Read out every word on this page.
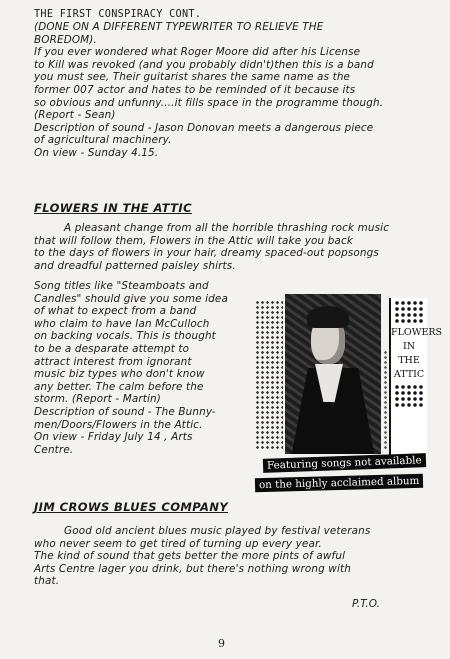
THE FIRST CONSPIRACY CONT.

(DONE ON A DIFFERENT TYPEWRITER TO RELIEVE THE
BOREDOM).
If you ever wondered what Roger Moore did after his License
to Kill was revoked (and you probably didn't)then this is a band
you must see, Their guitarist shares the same name as the
former 007 actor and hates to be reminded of it because its
so obvious and unfunny....it fills space in the programme though.
(Report - Sean)
Description of sound - Jason Donovan meets a dangerous piece
of agricultural machinery.
On view - Sunday 4.15.

FLOWERS IN THE ATTIC

A pleasant change from all the horrible thrashing rock music
that will follow them, Flowers in the Attic will take you back
to the days of flowers in your hair, dreamy spaced-out popsongs
and dreadful patterned paisley shirts.
Song titles like "Steamboats and
Candles" should give you some idea
of what to expect from a band
who claim to have Ian McCulloch
on backing vocals. This is thought
to be a desparate attempt to
attract interest from ignorant
music biz types who don't know
any better. The calm before the
storm. (Report - Martin)
Description of sound - The Bunny-
men/Doors/Flowers in the Attic.
On view - Friday July 14 , Arts
Centre.
FLOWERS
IN
THE
ATTIC
Featuring songs not available
on the highly acclaimed album

JIM CROWS BLUES COMPANY

Good old ancient blues music played by festival veterans
who never seem to get tired of turning up every year.
The kind of sound that gets better the more pints of awful
Arts Centre lager you drink, but there's nothing wrong with
that.

P.T.O.

9
